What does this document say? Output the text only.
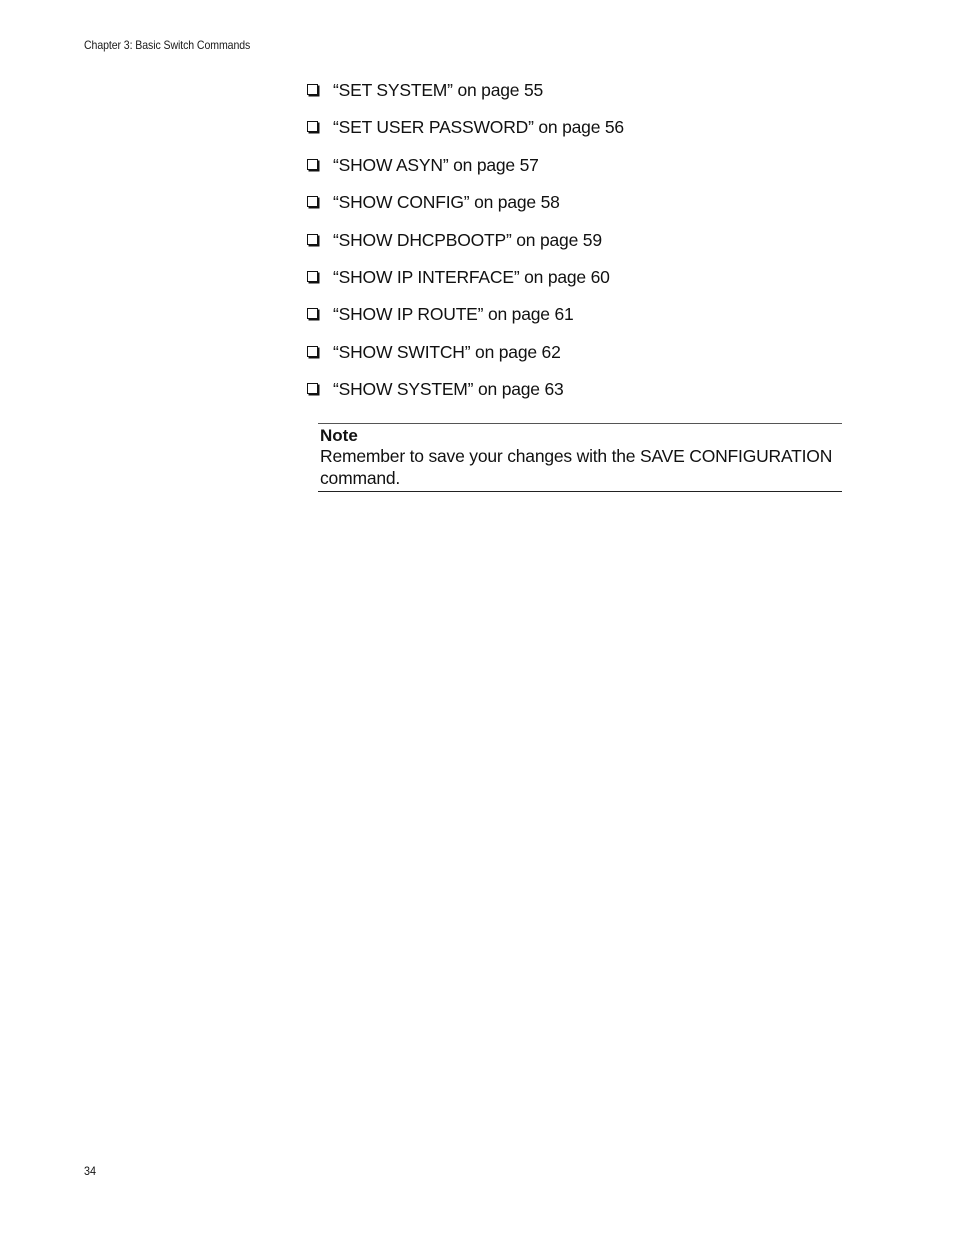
Chapter 3: Basic Switch Commands
“SET SYSTEM” on page 55
“SET USER PASSWORD” on page 56
“SHOW ASYN” on page 57
“SHOW CONFIG” on page 58
“SHOW DHCPBOOTP” on page 59
“SHOW IP INTERFACE” on page 60
“SHOW IP ROUTE” on page 61
“SHOW SWITCH” on page 62
“SHOW SYSTEM” on page 63
Note
Remember to save your changes with the SAVE CONFIGURATION command.
34
